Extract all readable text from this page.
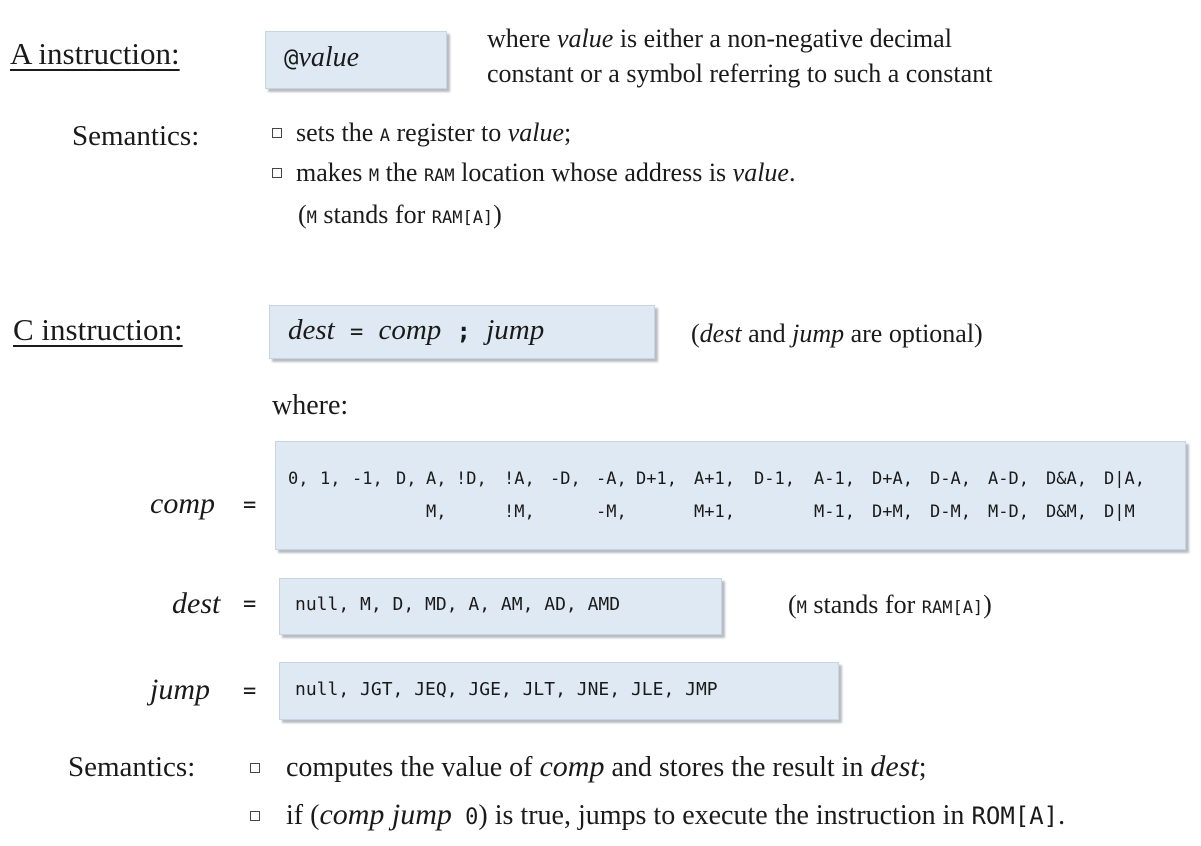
A instruction:	@value
where value is either a non-negative decimal
constant or a symbol referring to such a constant
Semantics:	sets the A register to value;
makes M the RAM location whose address is value.
(M stands for RAM[A])
C instruction:	dest = comp ; jump	(dest and jump are optional)
where:
comp =
0, 1, -1, D, A, !D, !A, -D, -A, D+1, A+1, D-1, A-1, D+A, D-A, A-D, D&A, D|A,
M,	!M,	-M,	M+1,	M-1, D+M, D-M, M-D, D&M, D|M
dest = null, M, D, MD, A, AM, AD, AMD	(M stands for RAM[A])
jump = null, JGT, JEQ, JGE, JLT, JNE, JLE, JMP
Semantics:	computes the value of comp and stores the result in dest;
if (comp jump 0) is true, jumps to execute the instruction in ROM[A].
